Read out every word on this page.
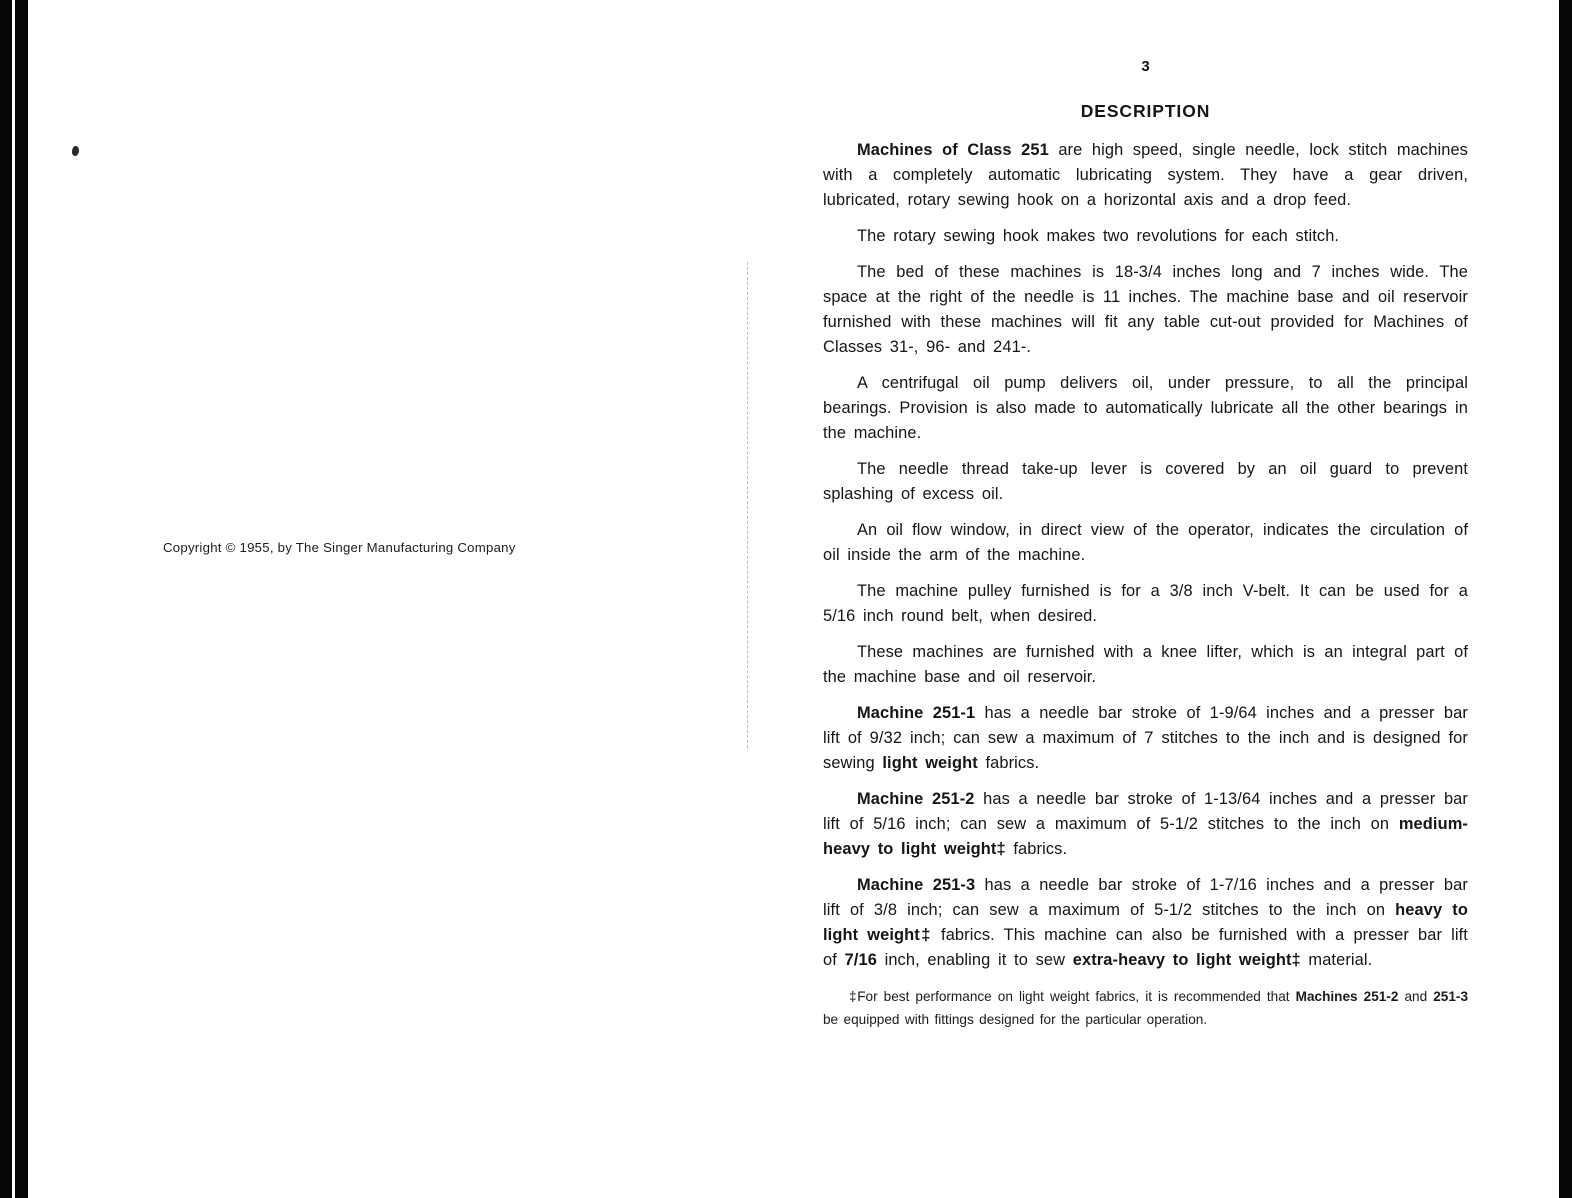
Copyright © 1955, by The Singer Manufacturing Company
3
DESCRIPTION
Machines of Class 251 are high speed, single needle, lock stitch machines with a completely automatic lubricating system. They have a gear driven, lubricated, rotary sewing hook on a horizontal axis and a drop feed.
The rotary sewing hook makes two revolutions for each stitch.
The bed of these machines is 18-3/4 inches long and 7 inches wide. The space at the right of the needle is 11 inches. The machine base and oil reservoir furnished with these machines will fit any table cut-out provided for Machines of Classes 31-, 96- and 241-.
A centrifugal oil pump delivers oil, under pressure, to all the principal bearings. Provision is also made to automatically lubricate all the other bearings in the machine.
The needle thread take-up lever is covered by an oil guard to prevent splashing of excess oil.
An oil flow window, in direct view of the operator, indicates the circulation of oil inside the arm of the machine.
The machine pulley furnished is for a 3/8 inch V-belt. It can be used for a 5/16 inch round belt, when desired.
These machines are furnished with a knee lifter, which is an integral part of the machine base and oil reservoir.
Machine 251-1 has a needle bar stroke of 1-9/64 inches and a presser bar lift of 9/32 inch; can sew a maximum of 7 stitches to the inch and is designed for sewing light weight fabrics.
Machine 251-2 has a needle bar stroke of 1-13/64 inches and a presser bar lift of 5/16 inch; can sew a maximum of 5-1/2 stitches to the inch on medium-heavy to light weight‡ fabrics.
Machine 251-3 has a needle bar stroke of 1-7/16 inches and a presser bar lift of 3/8 inch; can sew a maximum of 5-1/2 stitches to the inch on heavy to light weight‡ fabrics. This machine can also be furnished with a presser bar lift of 7/16 inch, enabling it to sew extra-heavy to light weight‡ material.
‡For best performance on light weight fabrics, it is recommended that Machines 251-2 and 251-3 be equipped with fittings designed for the particular operation.
